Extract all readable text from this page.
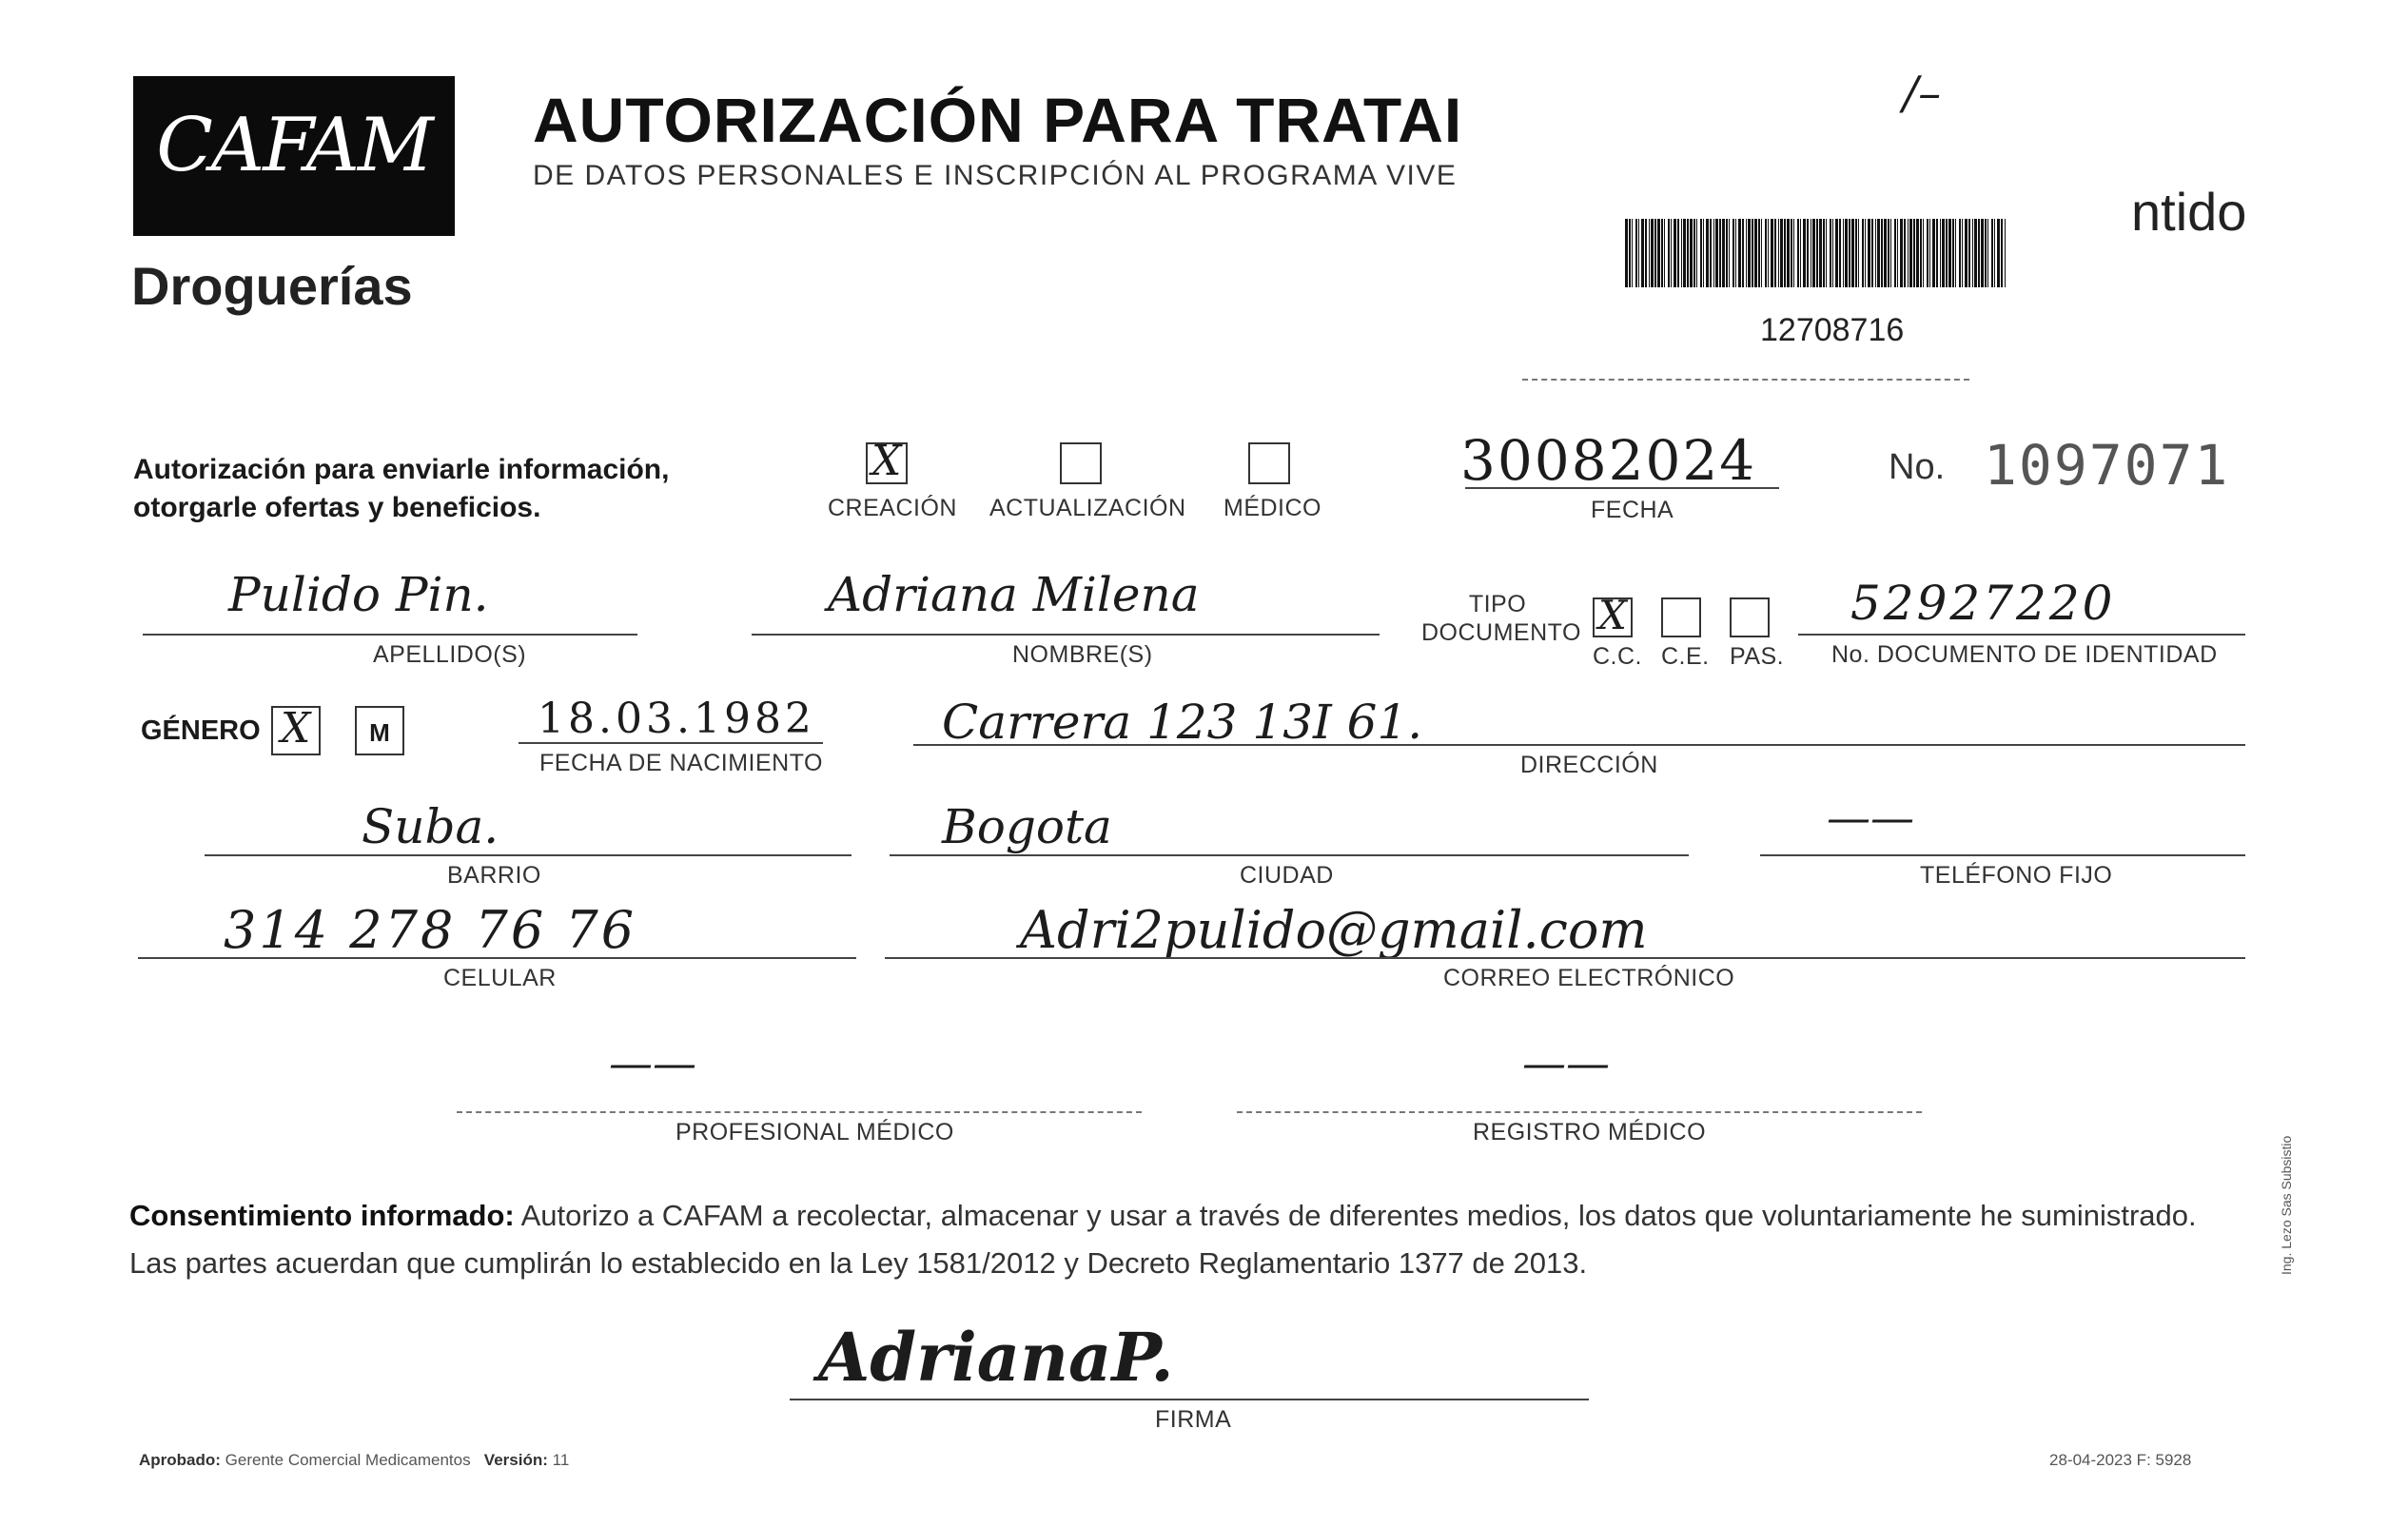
CAFAM
Droguerías
AUTORIZACIÓN PARA TRATAI
DE DATOS PERSONALES E INSCRIPCIÓN AL PROGRAMA VIVE
/–
12708716
ntido
Autorización para enviarle información,
otorgarle ofertas y beneficios.
X
CREACIÓN ACTUALIZACIÓN MÉDICO
30082024
FECHA
No. 1097071
Pulido Pin.
APELLIDO(S)
Adriana Milena
NOMBRE(S)
TIPO DOCUMENTO X
C.C. C.E. PAS.
52927220
No. DOCUMENTO DE IDENTIDAD
GÉNERO X	M	18.03.1982
FECHA DE NACIMIENTO
Carrera 123 13I 61.
DIRECCIÓN
Suba.
BARRIO
Bogota
CIUDAD
——
TELÉFONO FIJO
314 278 76 76
CELULAR
Adri2pulido@gmail.com
CORREO ELECTRÓNICO
——
PROFESIONAL MÉDICO
——
REGISTRO MÉDICO
Consentimiento informado: Autorizo a CAFAM a recolectar, almacenar y usar a través de diferentes medios, los datos que voluntariamente he suministrado.
Las partes acuerdan que cumplirán lo establecido en la Ley 1581/2012 y Decreto Reglamentario 1377 de 2013.
AdrianaP.
FIRMA
Aprobado: Gerente Comercial Medicamentos Versión: 11	28-04-2023 F: 5928
Ing. Lezo Sas Subsistio
